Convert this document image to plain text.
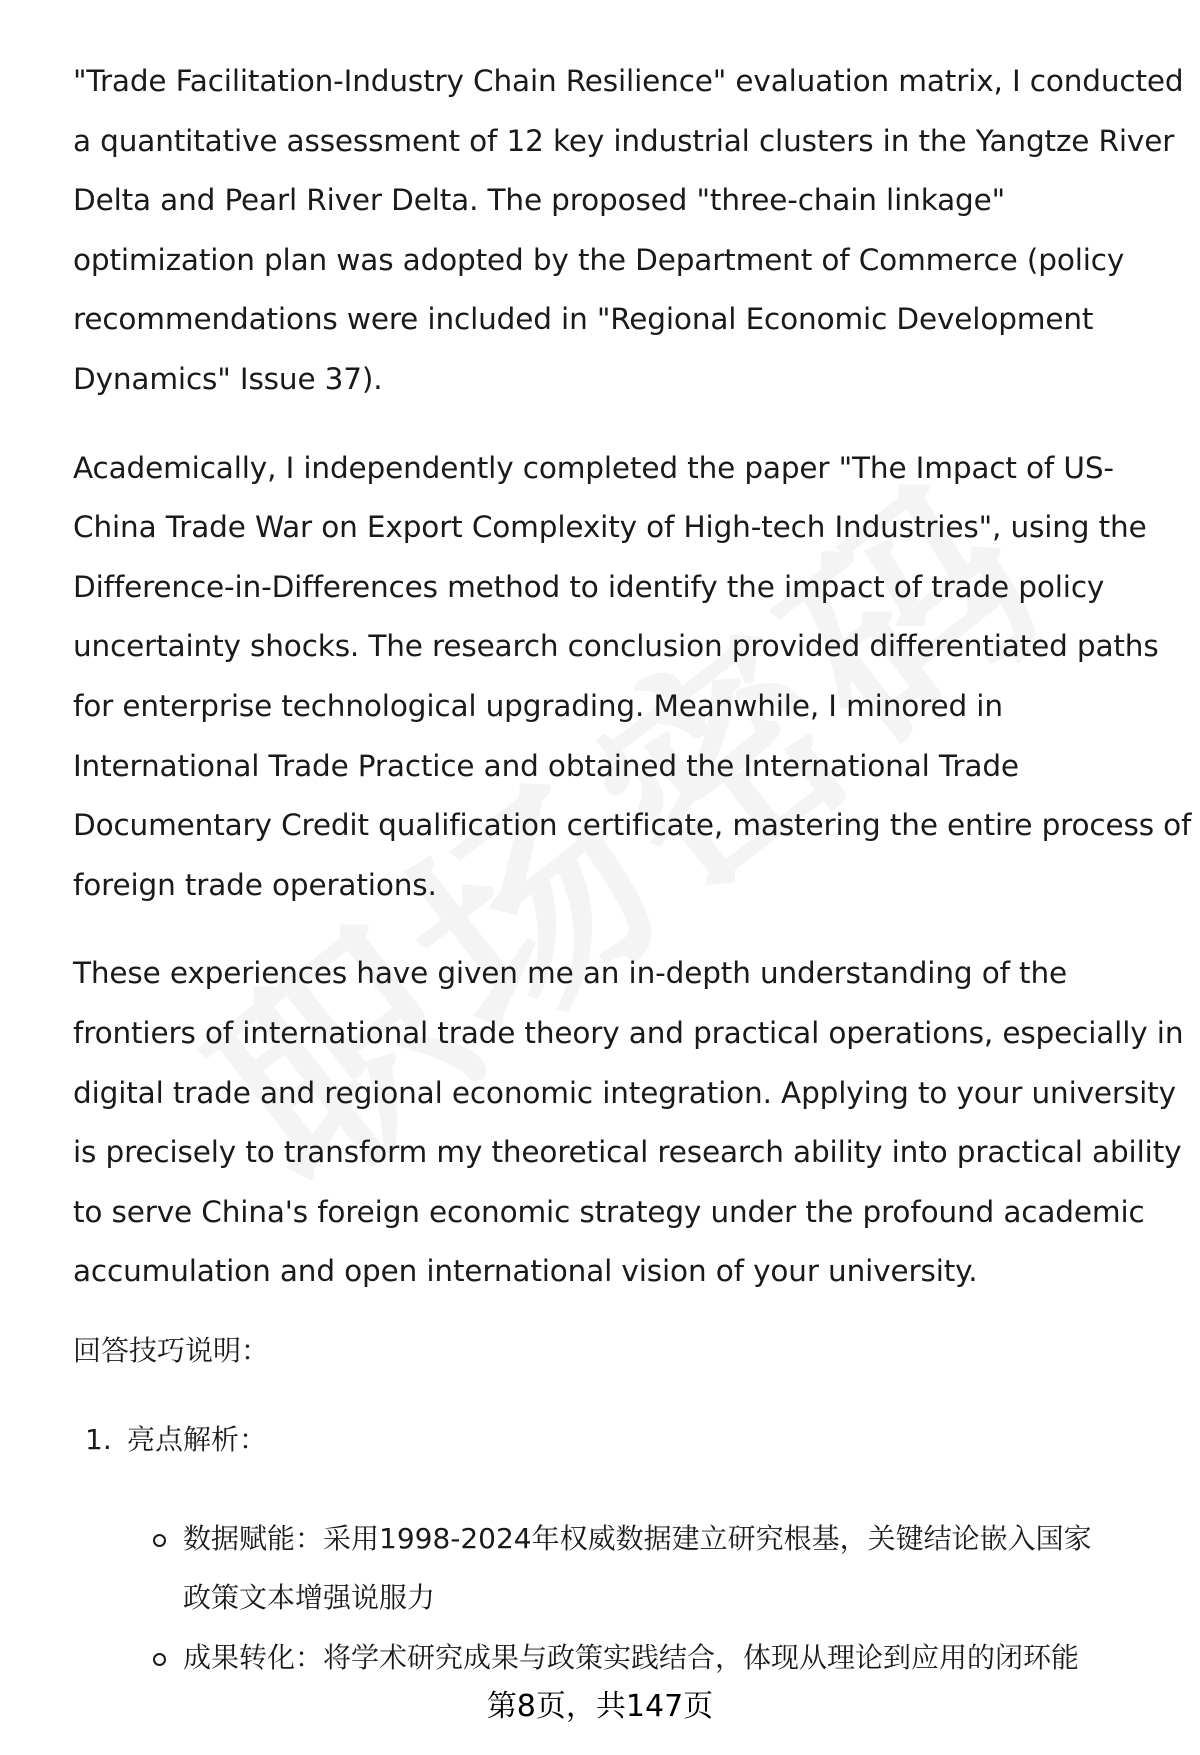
"Trade Facilitation-Industry Chain Resilience" evaluation matrix, I conducted
a quantitative assessment of 12 key industrial clusters in the Yangtze River
Delta and Pearl River Delta. The proposed "three-chain linkage"
optimization plan was adopted by the Department of Commerce (policy
recommendations were included in "Regional Economic Development
Dynamics" Issue 37).

Academically, I independently completed the paper "The Impact of US-
China Trade War on Export Complexity of High-tech Industries", using the
Difference-in-Differences method to identify the impact of trade policy
uncertainty shocks. The research conclusion provided differentiated paths
for enterprise technological upgrading. Meanwhile, I minored in
International Trade Practice and obtained the International Trade
Documentary Credit qualification certificate, mastering the entire process of
foreign trade operations.

These experiences have given me an in-depth understanding of the
frontiers of international trade theory and practical operations, especially in
digital trade and regional economic integration. Applying to your university
is precisely to transform my theoretical research ability into practical ability
to serve China's foreign economic strategy under the profound academic
accumulation and open international vision of your university.

回答技巧说明：
1. 亮点解析：
数据赋能：采用1998-2024年权威数据建立研究根基，关键结论嵌入国家
政策文本增强说服力
成果转化：将学术研究成果与政策实践结合，体现从理论到应用的闭环能
第8页，共147页
